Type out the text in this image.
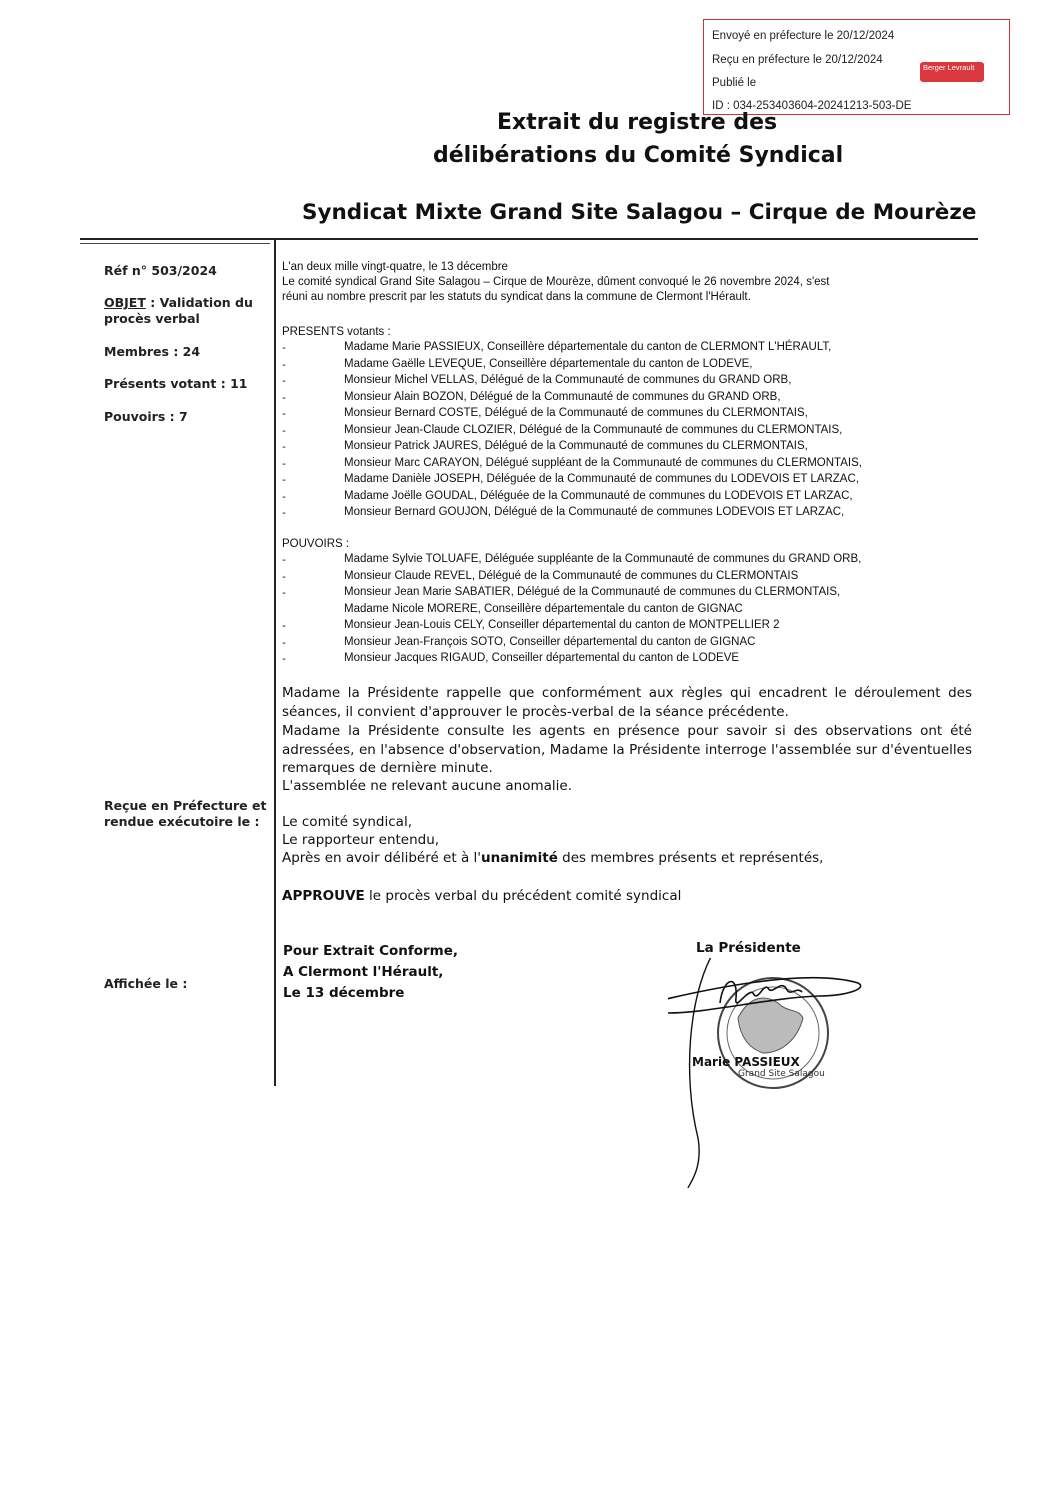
Envoyé en préfecture le 20/12/2024
Reçu en préfecture le 20/12/2024
Publié le
ID : 034-253403604-20241213-503-DE
Berger Levrault
Extrait du registre des
délibérations du Comité Syndical
Syndicat Mixte Grand Site Salagou – Cirque de Mourèze
Réf n° 503/2024
OBJET : Validation du procès verbal
Membres : 24
Présents votant : 11
Pouvoirs : 7
Reçue en Préfecture et rendue exécutoire le :
Affichée le :
L'an deux mille vingt-quatre, le 13 décembre
Le comité syndical Grand Site Salagou – Cirque de Mourèze, dûment convoqué le 26 novembre 2024, s'est
réuni au nombre prescrit par les statuts du syndicat dans la commune de Clermont l'Hérault.
PRESENTS votants :
-	Madame Marie PASSIEUX, Conseillère départementale du canton de CLERMONT L'HÉRAULT,
-	Madame Gaëlle LEVEQUE, Conseillère départementale du canton de LODEVE,
-	Monsieur Michel VELLAS, Délégué de la Communauté de communes du GRAND ORB,
-	Monsieur Alain BOZON, Délégué de la Communauté de communes du GRAND ORB,
-	Monsieur Bernard COSTE, Délégué de la Communauté de communes du CLERMONTAIS,
-	Monsieur Jean-Claude CLOZIER, Délégué de la Communauté de communes du CLERMONTAIS,
-	Monsieur Patrick JAURES, Délégué de la Communauté de communes du CLERMONTAIS,
-	Monsieur Marc CARAYON, Délégué suppléant de la Communauté de communes du CLERMONTAIS,
-	Madame Danièle JOSEPH, Déléguée de la Communauté de communes du LODEVOIS ET LARZAC,
-	Madame Joëlle GOUDAL, Déléguée de la Communauté de communes du LODEVOIS ET LARZAC,
-	Monsieur Bernard GOUJON, Délégué de la Communauté de communes LODEVOIS ET LARZAC,
POUVOIRS :
-	Madame Sylvie TOLUAFE, Déléguée suppléante de la Communauté de communes du GRAND ORB,
-	Monsieur Claude REVEL, Délégué de la Communauté de communes du CLERMONTAIS
-	Monsieur Jean Marie SABATIER, Délégué de la Communauté de communes du CLERMONTAIS,
Madame Nicole MORERE, Conseillère départementale du canton de GIGNAC
-	Monsieur Jean-Louis CELY, Conseiller départemental du canton de MONTPELLIER 2
-	Monsieur Jean-François SOTO, Conseiller départemental du canton de GIGNAC
-	Monsieur Jacques RIGAUD, Conseiller départemental du canton de LODEVE
Madame la Présidente rappelle que conformément aux règles qui encadrent le déroulement des séances, il convient d'approuver le procès-verbal de la séance précédente.
Madame la Présidente consulte les agents en présence pour savoir si des observations ont été adressées, en l'absence d'observation, Madame la Présidente interroge l'assemblée sur d'éventuelles remarques de dernière minute.
L'assemblée ne relevant aucune anomalie.
Le comité syndical,
Le rapporteur entendu,
Après en avoir délibéré et à l'unanimité des membres présents et représentés,
APPROUVE le procès verbal du précédent comité syndical
Pour Extrait Conforme,
A Clermont l'Hérault,
Le 13 décembre
La Présidente
Grand Site Salagou
Marie PASSIEUX
